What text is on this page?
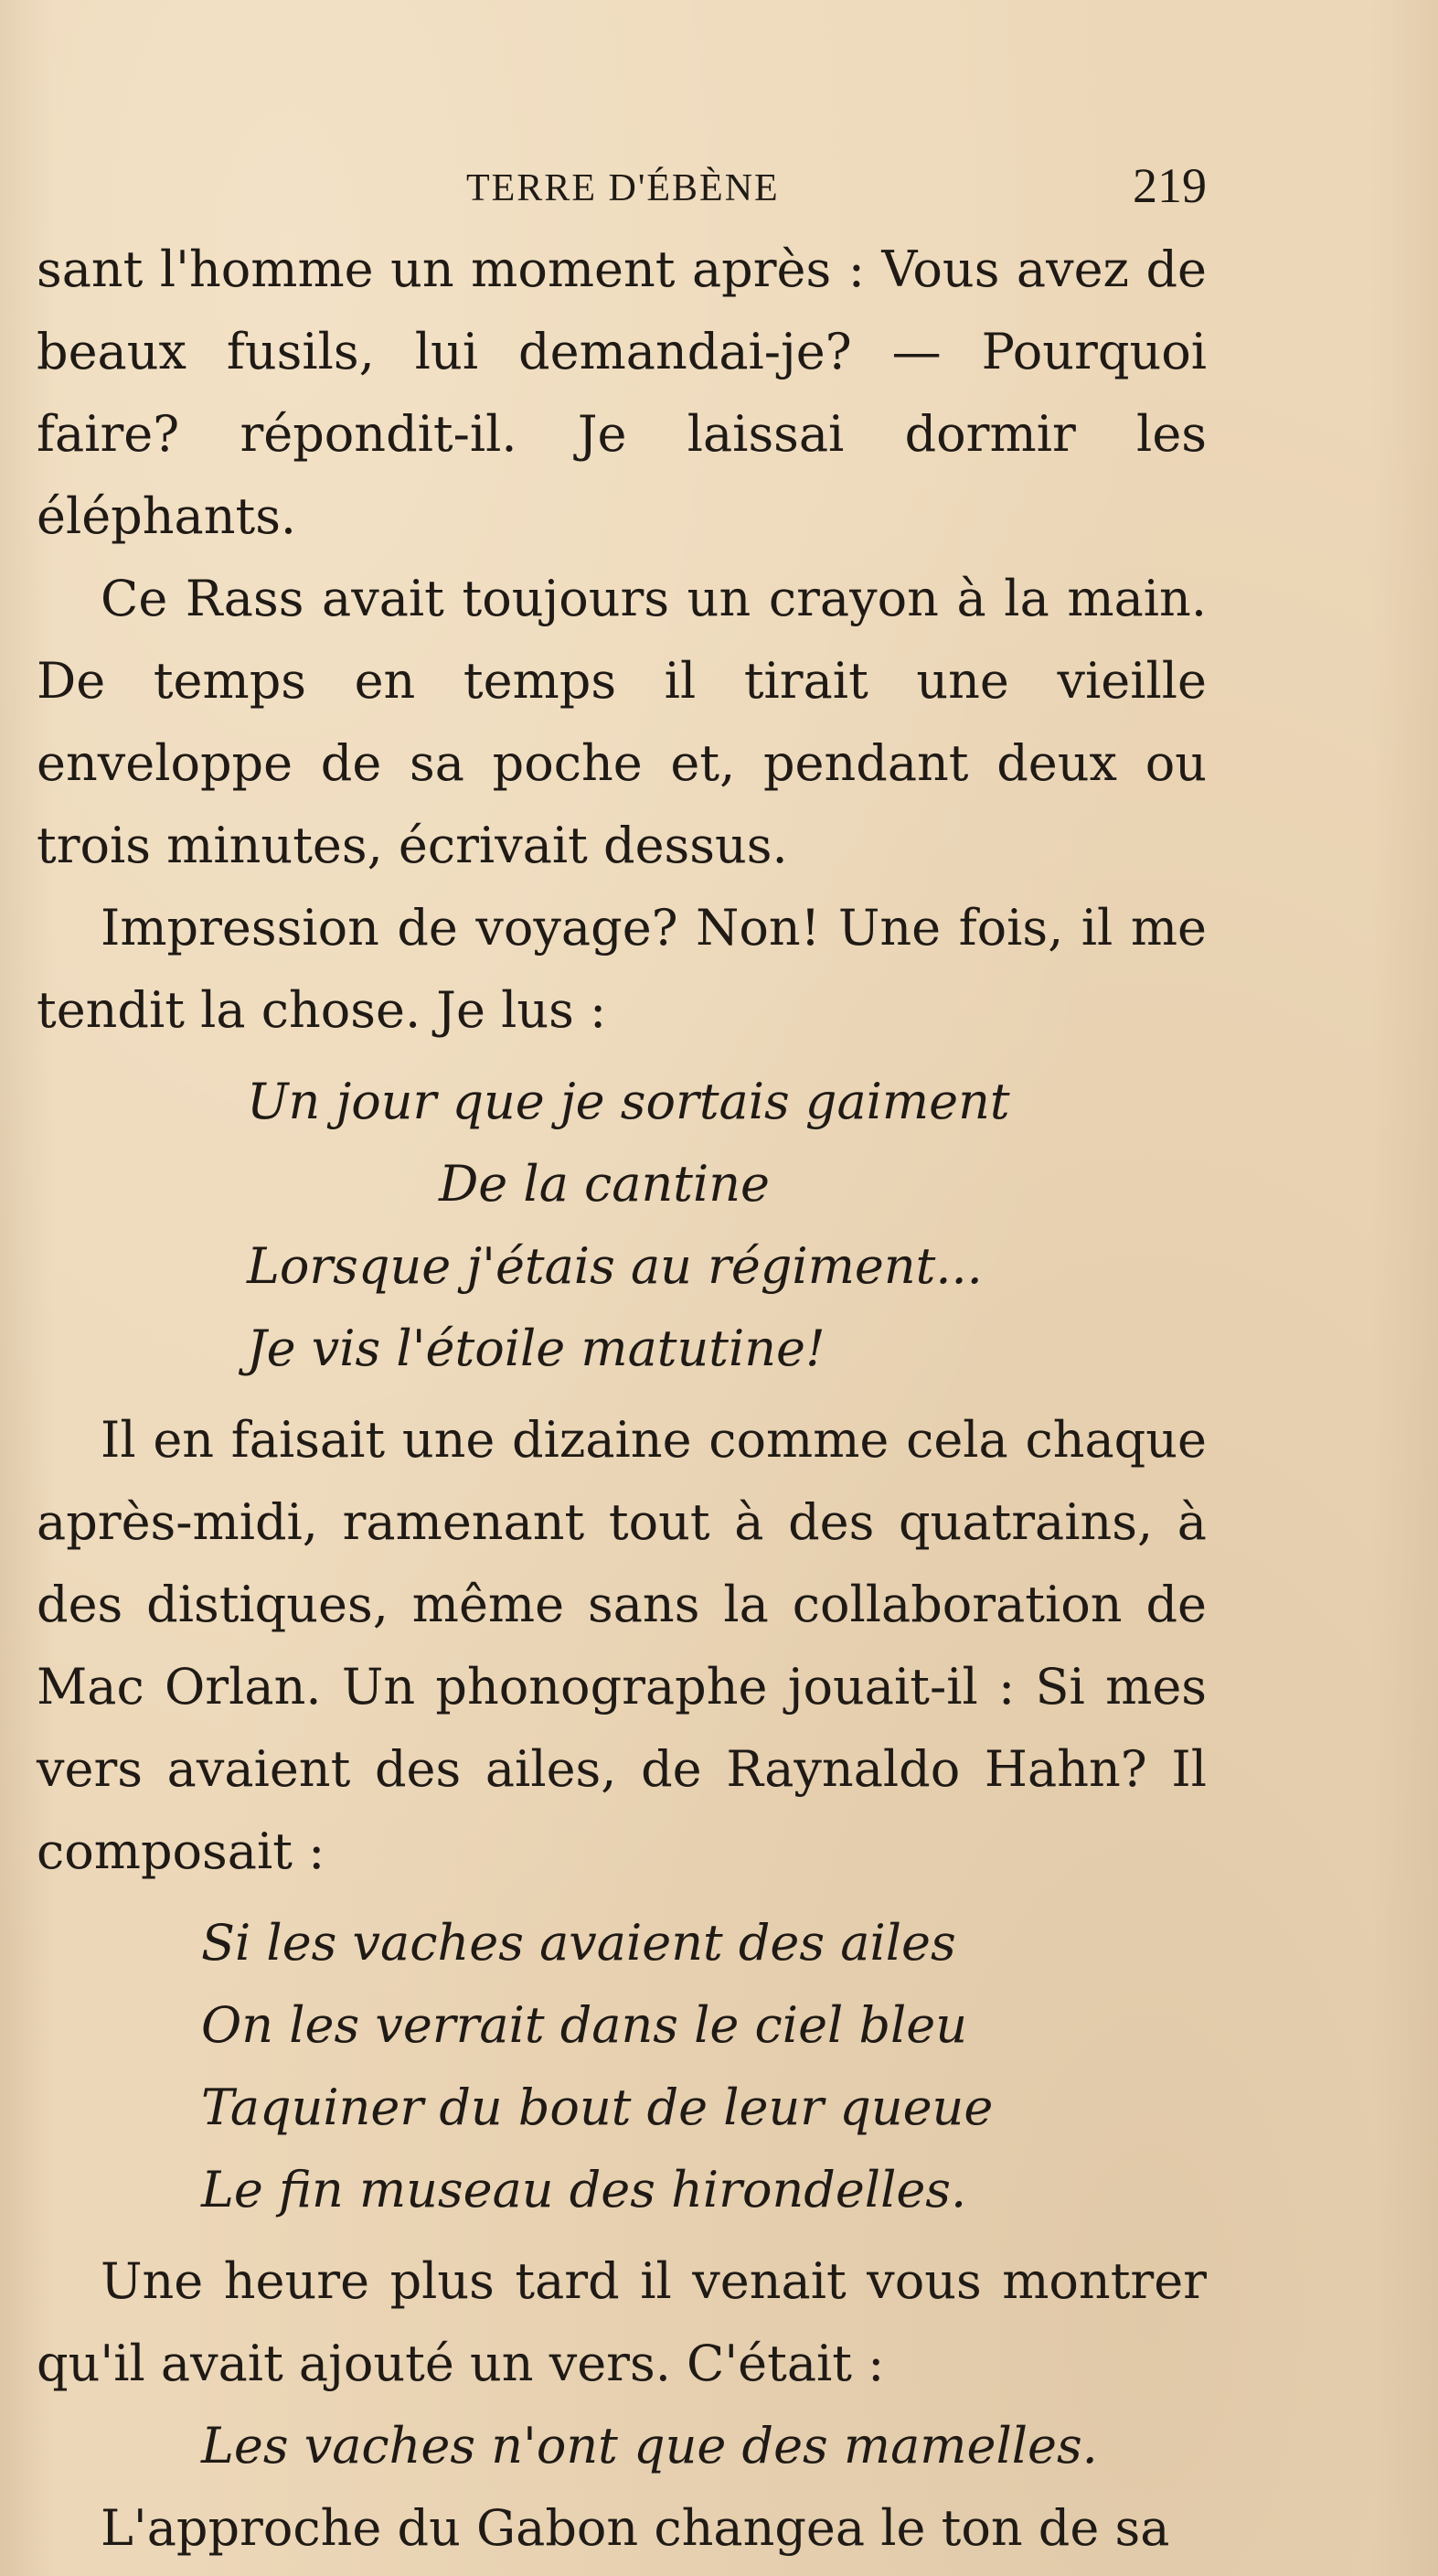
TERRE D'ÉBÈNE	219

sant l'homme un moment après : Vous avez de beaux fusils, lui demandai-je? — Pourquoi faire? répondit-il. Je laissai dormir les éléphants.

Ce Rass avait toujours un crayon à la main. De temps en temps il tirait une vieille enveloppe de sa poche et, pendant deux ou trois minutes, écrivait dessus.

Impression de voyage? Non! Une fois, il me tendit la chose. Je lus :

Un jour que je sortais gaiment
De la cantine
Lorsque j'étais au régiment...
Je vis l'étoile matutine!

Il en faisait une dizaine comme cela chaque après-midi, ramenant tout à des quatrains, à des distiques, même sans la collaboration de Mac Orlan. Un phonographe jouait-il : Si mes vers avaient des ailes, de Raynaldo Hahn? Il composait :

Si les vaches avaient des ailes
On les verrait dans le ciel bleu
Taquiner du bout de leur queue
Le fin museau des hirondelles.

Une heure plus tard il venait vous montrer qu'il avait ajouté un vers. C'était :

Les vaches n'ont que des mamelles.

L'approche du Gabon changea le ton de sa
